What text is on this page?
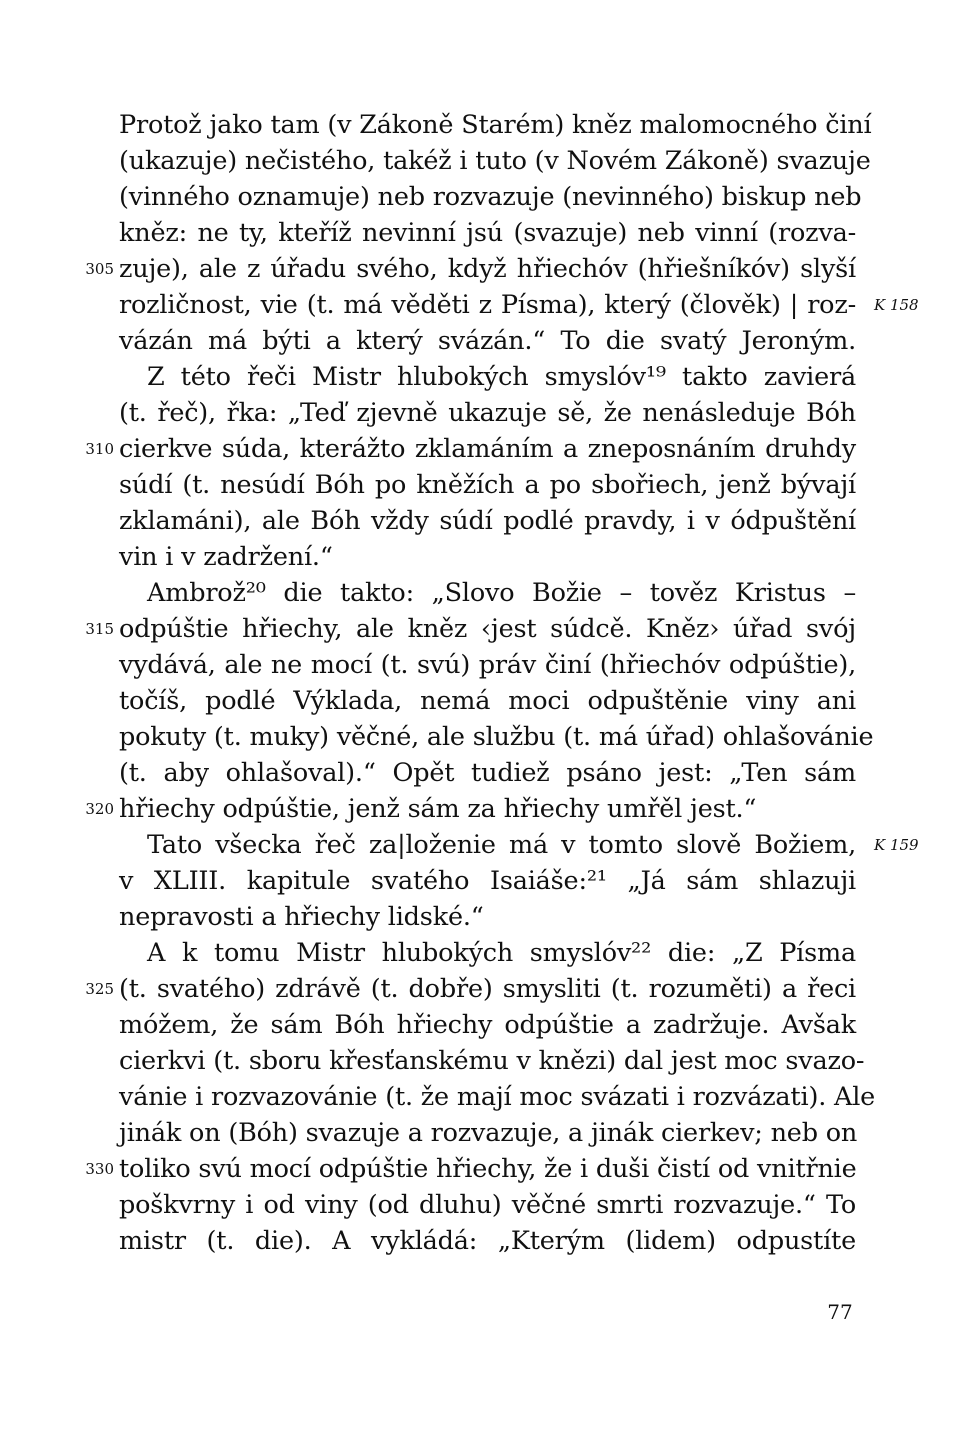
Protož jako tam (v Zákoně Starém) kněz malomocného činí
(ukazuje) nečistého, takéž i tuto (v Novém Zákoně) svazuje
(vinného oznamuje) neb rozvazuje (nevinného) biskup neb
kněz: ne ty, kteříž nevinní jsú (svazuje) neb vinní (rozva-
zuje), ale z úřadu svého, když hřiechóv (hřiešníkóv) slyší
rozličnost, vie (t. má věděti z Písma), který (člověk) | roz-
vázán má býti a který svázán.“ To die svatý Jeroným.
Z této řeči Mistr hlubokých smyslóv¹⁹ takto zavierá
(t. řeč), řka: „Teď zjevně ukazuje sě, že nenásleduje Bóh
cierkve súda, kterážto zklamáním a zneposnáním druhdy
súdí (t. nesúdí Bóh po kněžích a po sbořiech, jenž bývají
zklamáni), ale Bóh vždy súdí podlé pravdy, i v ódpuštění
vin i v zadržení.“
Ambrož²⁰ die takto: „Slovo Božie – tověz Kristus –
odpúštie hřiechy, ale kněz ‹jest súdcě. Kněz› úřad svój
vydává, ale ne mocí (t. svú) práv činí (hřiechóv odpúštie),
točíš, podlé Výklada, nemá moci odpuštěnie viny ani
pokuty (t. muky) věčné, ale službu (t. má úřad) ohlašovánie
(t. aby ohlašoval).“ Opět tudiež psáno jest: „Ten sám
hřiechy odpúštie, jenž sám za hřiechy umřěl jest.“
Tato všecka řeč za|loženie má v tomto slově Božiem,
v XLIII. kapitule svatého Isaiáše:²¹ „Já sám shlazuji
nepravosti a hřiechy lidské.“
A k tomu Mistr hlubokých smyslóv²² die: „Z Písma
(t. svatého) zdrávě (t. dobře) smysliti (t. rozuměti) a řeci
móžem, že sám Bóh hřiechy odpúštie a zadržuje. Avšak
cierkvi (t. sboru křesťanskému v knězi) dal jest moc svazo-
vánie i rozvazovánie (t. že mají moc svázati i rozvázati). Ale
jinák on (Bóh) svazuje a rozvazuje, a jinák cierkev; neb on
toliko svú mocí odpúštie hřiechy, že i duši čistí od vnitřnie
poškvrny i od viny (od dluhu) věčné smrti rozvazuje.“ To
mistr (t. die). A vykládá: „Kterým (lidem) odpustíte
305
310
315
320
325
330
K 158
K 159
77
